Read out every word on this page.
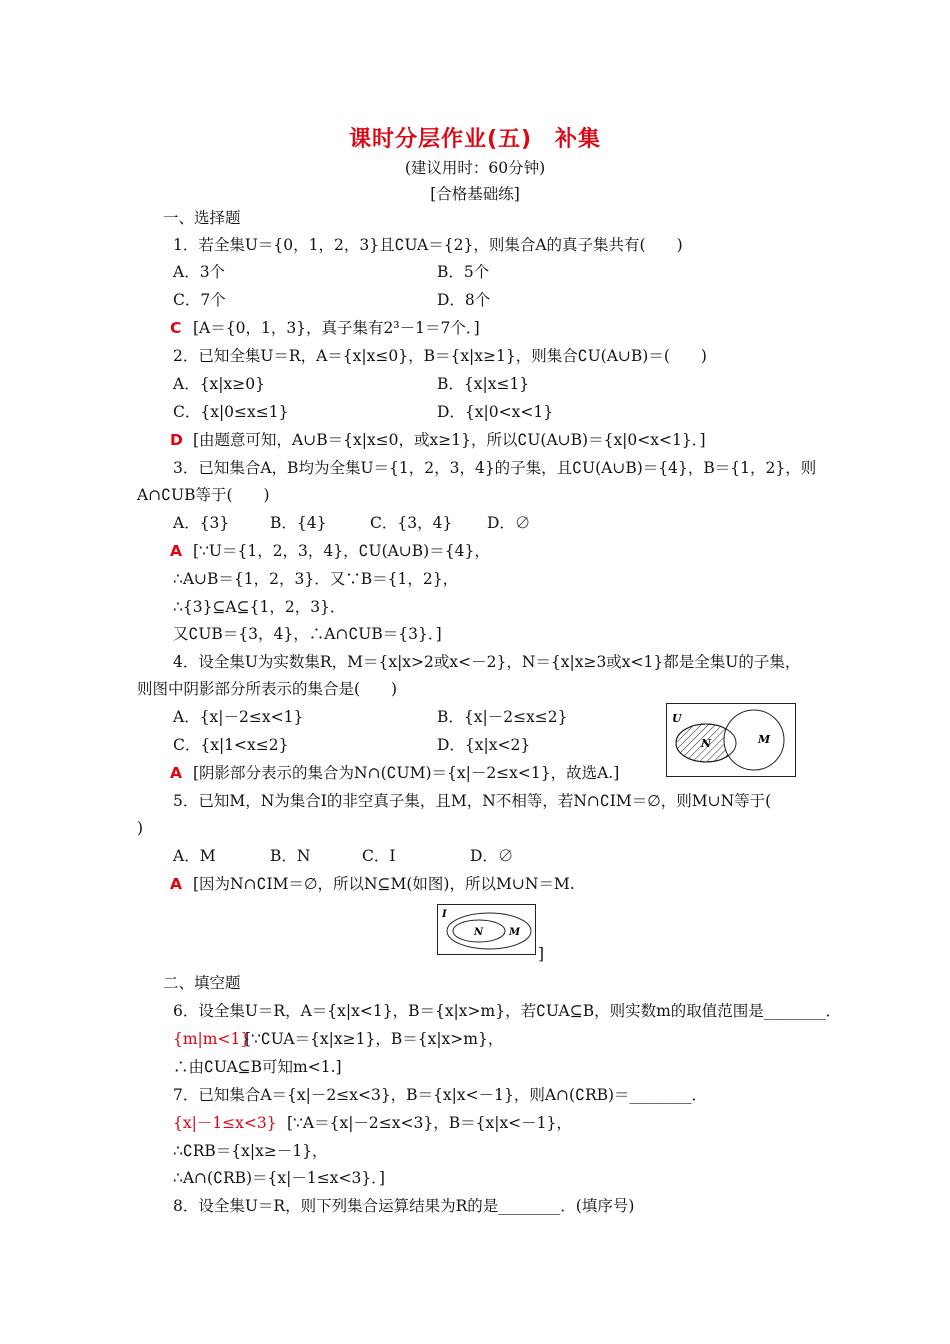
课时分层作业(五)　补集
(建议用时：60分钟)
[合格基础练]
一、选择题
1．若全集U＝{0，1，2，3}且∁UA＝{2}，则集合A的真子集共有(　　)
A．3个	B．5个
C．7个	D．8个
C [A＝{0，1，3}，真子集有2³－1＝7个．]
2．已知全集U＝R，A＝{x|x≤0}，B＝{x|x≥1}，则集合∁U(A∪B)＝(　　)
A．{x|x≥0}	B．{x|x≤1}
C．{x|0≤x≤1}	D．{x|0<x<1}
D [由题意可知，A∪B＝{x|x≤0，或x≥1}，所以∁U(A∪B)＝{x|0<x<1}．]
3．已知集合A，B均为全集U＝{1，2，3，4}的子集，且∁U(A∪B)＝{4}，B＝{1，2}，则
A∩∁UB等于(　　)
A．{3}	B．{4}	C．{3，4} D．∅
A [∵U＝{1，2，3，4}，∁U(A∪B)＝{4}，
∴A∪B＝{1，2，3}．又∵B＝{1，2}，
∴{3}⊆A⊆{1，2，3}．
又∁UB＝{3，4}，∴A∩∁UB＝{3}．]
4．设全集U为实数集R，M＝{x|x>2或x<－2}，N＝{x|x≥3或x<1}都是全集U的子集，
则图中阴影部分所表示的集合是(　　)
A．{x|－2≤x<1}	B．{x|－2≤x≤2}
C．{x|1<x≤2}	D．{x|x<2}
A [阴影部分表示的集合为N∩(∁UM)＝{x|－2≤x<1}，故选A.]
U
N	M
5．已知M，N为集合I的非空真子集，且M，N不相等，若N∩∁IM＝∅，则M∪N等于(
)
A．M	B．N	C．I	D．∅
A [因为N∩∁IM＝∅，所以N⊆M(如图)，所以M∪N＝M.
I
N	M
]
二、填空题
6．设全集U＝R，A＝{x|x<1}，B＝{x|x>m}，若∁UA⊆B，则实数m的取值范围是________．
{m|m<1}
[∵∁UA＝{x|x≥1}，B＝{x|x>m}，
∴由∁UA⊆B可知m<1.]
7．已知集合A＝{x|－2≤x<3}，B＝{x|x<－1}，则A∩(∁RB)＝________．
{x|－1≤x<3} [∵A＝{x|－2≤x<3}，B＝{x|x<－1}，
∴∁RB＝{x|x≥－1}，
∴A∩(∁RB)＝{x|－1≤x<3}．]
8．设全集U＝R，则下列集合运算结果为R的是________．(填序号)
